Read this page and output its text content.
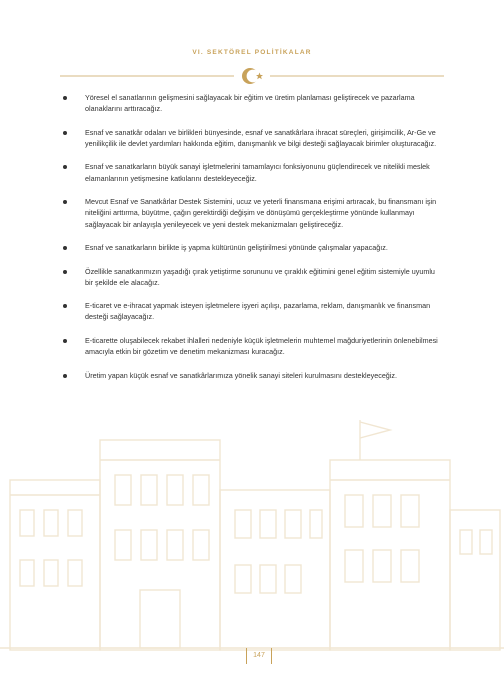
VI. SEKTÖREL POLİTİKALAR
Yöresel el sanatlarının gelişmesini sağlayacak bir eğitim ve üretim planlaması geliştirecek ve pazarlama olanaklarını arttıracağız.
Esnaf ve sanatkâr odaları ve birlikleri bünyesinde, esnaf ve sanatkârlara ihracat süreçleri, girişimcilik, Ar-Ge ve yenilikçilik ile devlet yardımları hakkında eğitim, danışmanlık ve bilgi desteği sağlayacak birimler oluşturacağız.
Esnaf ve sanatkarların büyük sanayi işletmelerini tamamlayıcı fonksiyonunu güçlendirecek ve nitelikli meslek elamanlarının yetişmesine katkılarını destekleyeceğiz.
Mevcut Esnaf ve Sanatkârlar Destek Sistemini, ucuz ve yeterli finansmana erişimi artıracak, bu finansmanı işin niteliğini arttırma, büyütme, çağın gerektirdiği değişim ve dönüşümü gerçekleştirme yönünde kullanmayı sağlayacak bir anlayışla yenileyecek ve yeni destek mekanizmaları geliştireceğiz.
Esnaf ve sanatkarların birlikte iş yapma kültürünün geliştirilmesi yönünde çalışmalar yapacağız.
Özellikle sanatkarımızın yaşadığı çırak yetiştirme sorununu ve çıraklık eğitimini genel eğitim sistemiyle uyumlu bir şekilde ele alacağız.
E-ticaret ve e-ihracat yapmak isteyen işletmelere işyeri açılışı, pazarlama, reklam, danışmanlık ve finansman desteği sağlayacağız.
E-ticarette oluşabilecek rekabet ihlalleri nedeniyle küçük işletmelerin muhtemel mağduriyetlerinin önlenebilmesi amacıyla etkin bir gözetim ve denetim mekanizması kuracağız.
Üretim yapan küçük esnaf ve sanatkârlarımıza yönelik sanayi siteleri kurulmasını destekleyeceğiz.
147
